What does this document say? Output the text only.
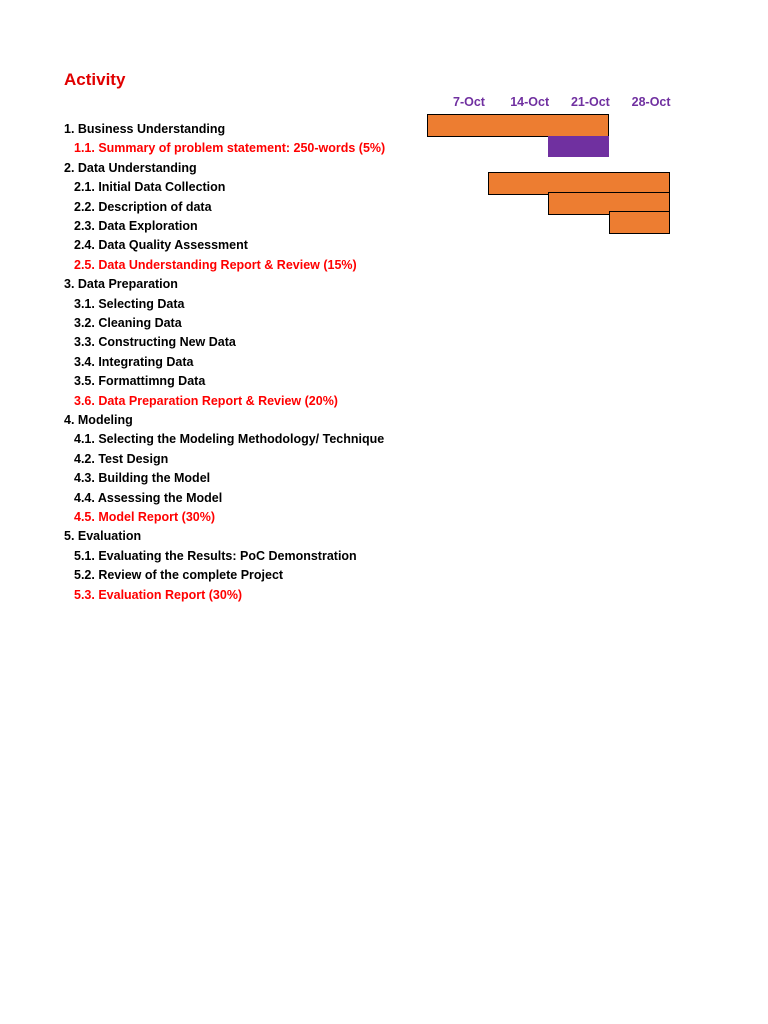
Activity
7-Oct	14-Oct	21-Oct	28-Oct
1. Business Understanding
1.1. Summary of problem statement: 250-words (5%)
2. Data Understanding
2.1. Initial Data Collection
2.2. Description of data
2.3. Data Exploration
2.4. Data Quality Assessment
2.5. Data Understanding Report & Review (15%)
3. Data Preparation
3.1. Selecting Data
3.2. Cleaning Data
3.3. Constructing New Data
3.4. Integrating Data
3.5. Formattimng Data
3.6. Data Preparation Report & Review (20%)
4. Modeling
4.1. Selecting the Modeling Methodology/ Technique
4.2. Test Design
4.3. Building the Model
4.4. Assessing the Model
4.5. Model Report (30%)
5. Evaluation
5.1. Evaluating the Results: PoC Demonstration
5.2. Review of the complete Project
5.3. Evaluation Report (30%)
